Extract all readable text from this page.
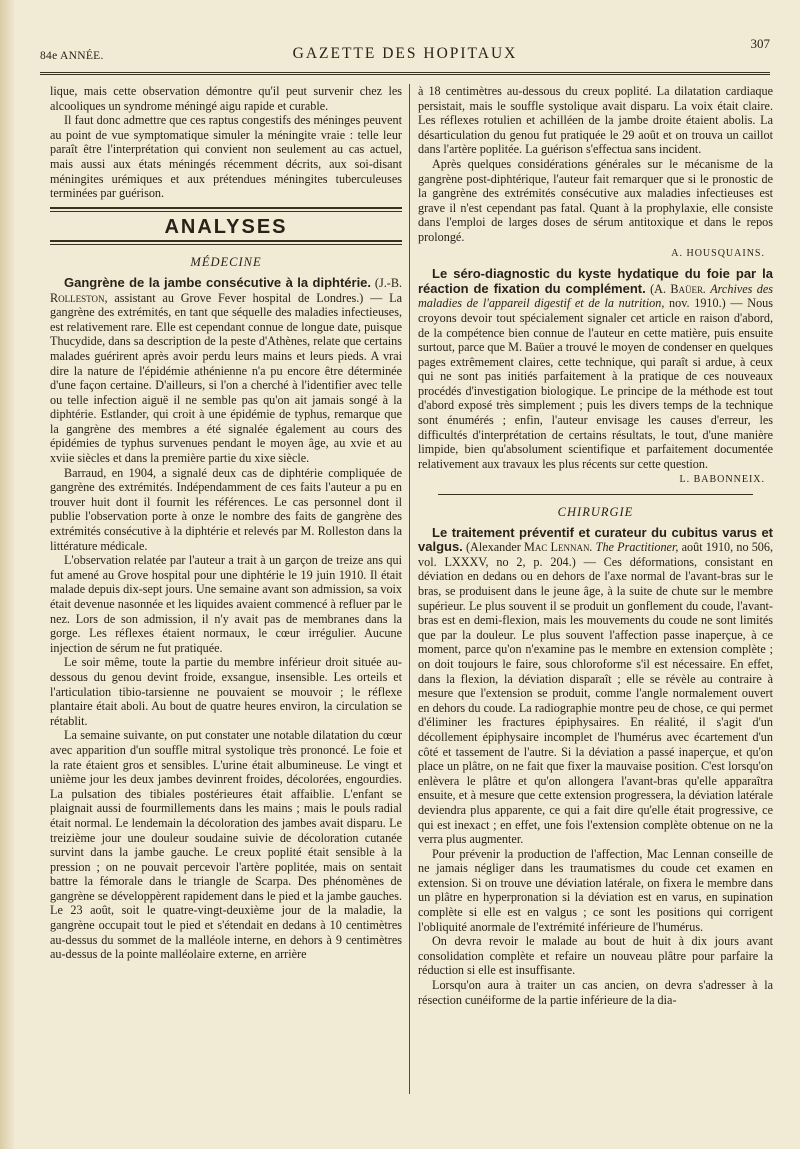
84e ANNÉE.	GAZETTE DES HOPITAUX
307

lique, mais cette observation démontre qu'il peut survenir chez les alcooliques un syndrome méningé aigu rapide et curable.

Il faut donc admettre que ces raptus congestifs des méninges peuvent au point de vue symptomatique simuler la méningite vraie : telle leur paraît être l'interprétation qui convient non seulement au cas actuel, mais aussi aux états méningés récemment décrits, aux soi-disant méningites urémiques et aux prétendues méningites tuberculeuses terminées par guérison.

ANALYSES
MÉDECINE

Gangrène de la jambe consécutive à la diphtérie. (J.-B. Rolleston, assistant au Grove Fever hospital de Londres.) — La gangrène des extrémités, en tant que séquelle des maladies infectieuses, est relativement rare. Elle est cependant connue de longue date, puisque Thucydide, dans sa description de la peste d'Athènes, relate que certains malades guérirent après avoir perdu leurs mains et leurs pieds. A vrai dire la nature de l'épidémie athénienne n'a pu encore être déterminée d'une façon certaine. D'ailleurs, si l'on a cherché à l'identifier avec telle ou telle infection aiguë il ne semble pas qu'on ait jamais songé à la diphtérie. Estlander, qui croit à une épidémie de typhus, remarque que la gangrène des membres a été signalée également au cours des épidémies de typhus survenues pendant le moyen âge, au xvie et au xviie siècles et dans la première partie du xixe siècle.

Barraud, en 1904, a signalé deux cas de diphtérie compliquée de gangrène des extrémités. Indépendamment de ces faits l'auteur a pu en trouver huit dont il fournit les références. Le cas personnel dont il publie l'observation porte à onze le nombre des faits de gangrène des extrémités consécutive à la diphtérie et relevés par M. Rolleston dans la littérature médicale.

L'observation relatée par l'auteur a trait à un garçon de treize ans qui fut amené au Grove hospital pour une diphtérie le 19 juin 1910. Il était malade depuis dix-sept jours. Une semaine avant son admission, sa voix était devenue nasonnée et les liquides avaient commencé à refluer par le nez. Lors de son admission, il n'y avait pas de membranes dans la gorge. Les réflexes étaient normaux, le cœur irrégulier. Aucune injection de sérum ne fut pratiquée.

Le soir même, toute la partie du membre inférieur droit située au-dessous du genou devint froide, exsangue, insensible. Les orteils et l'articulation tibio-tarsienne ne pouvaient se mouvoir ; le réflexe plantaire était aboli. Au bout de quatre heures environ, la circulation se rétablit.

La semaine suivante, on put constater une notable dilatation du cœur avec apparition d'un souffle mitral systolique très prononcé. Le foie et la rate étaient gros et sensibles. L'urine était albumineuse. Le vingt et unième jour les deux jambes devinrent froides, décolorées, engourdies. La pulsation des tibiales postérieures était affaiblie. L'enfant se plaignait aussi de fourmillements dans les mains ; mais le pouls radial était normal. Le lendemain la décoloration des jambes avait disparu. Le treizième jour une douleur soudaine suivie de décoloration cutanée survint dans la jambe gauche. Le creux poplité était sensible à la pression ; on ne pouvait percevoir l'artère poplitée, mais on sentait battre la fémorale dans le triangle de Scarpa. Des phénomènes de gangrène se développèrent rapidement dans le pied et la jambe gauches. Le 23 août, soit le quatre-vingt-deuxième jour de la maladie, la gangrène occupait tout le pied et s'étendait en dedans à 10 centimètres au-dessus du sommet de la malléole interne, en dehors à 9 centimètres au-dessus de la pointe malléolaire externe, en arrière

à 18 centimètres au-dessous du creux poplité. La dilatation cardiaque persistait, mais le souffle systolique avait disparu. La voix était claire. Les réflexes rotulien et achilléen de la jambe droite étaient abolis. La désarticulation du genou fut pratiquée le 29 août et on trouva un caillot dans l'artère poplitée. La guérison s'effectua sans incident.

Après quelques considérations générales sur le mécanisme de la gangrène post-diphtérique, l'auteur fait remarquer que si le pronostic de la gangrène des extrémités consécutive aux maladies infectieuses est grave il n'est cependant pas fatal. Quant à la prophylaxie, elle consiste dans l'emploi de larges doses de sérum antitoxique et dans le repos prolongé.

A. HOUSQUAINS.

Le séro-diagnostic du kyste hydatique du foie par la réaction de fixation du complément. (A. Baüer. Archives des maladies de l'appareil digestif et de la nutrition, nov. 1910.) — Nous croyons devoir tout spécialement signaler cet article en raison d'abord, de la compétence bien connue de l'auteur en cette matière, puis ensuite surtout, parce que M. Baüer a trouvé le moyen de condenser en quelques pages extrêmement claires, cette technique, qui paraît si ardue, à ceux qui ne sont pas initiés parfaitement à la pratique de ces nouveaux procédés d'investigation biologique. Le principe de la méthode est tout d'abord exposé très simplement ; puis les divers temps de la technique sont énumérés ; enfin, l'auteur envisage les causes d'erreur, les difficultés d'interprétation de certains résultats, le tout, d'une manière limpide, bien qu'absolument scientifique et parfaitement documentée relativement aux travaux les plus récents sur cette question.

L. BABONNEIX.
CHIRURGIE

Le traitement préventif et curateur du cubitus varus et valgus. (Alexander Mac Lennan. The Practitioner, août 1910, no 506, vol. LXXXV, no 2, p. 204.) — Ces déformations, consistant en déviation en dedans ou en dehors de l'axe normal de l'avant-bras sur le bras, se produisent dans le jeune âge, à la suite de chute sur le membre supérieur. Le plus souvent il se produit un gonflement du coude, l'avant-bras est en demi-flexion, mais les mouvements du coude ne sont limités que par la douleur. Le plus souvent l'affection passe inaperçue, à ce moment, parce qu'on n'examine pas le membre en extension complète ; on doit toujours le faire, sous chloroforme s'il est nécessaire. En effet, dans la flexion, la déviation disparaît ; elle se révèle au contraire à mesure que l'extension se produit, comme l'angle normalement ouvert en dehors du coude. La radiographie montre peu de chose, ce qui permet d'éliminer les fractures épiphysaires. En réalité, il s'agit d'un décollement épiphysaire incomplet de l'humérus avec écartement d'un côté et tassement de l'autre. Si la déviation a passé inaperçue, et qu'on place un plâtre, on ne fait que fixer la mauvaise position. C'est lorsqu'on enlèvera le plâtre et qu'on allongera l'avant-bras qu'elle apparaîtra ensuite, et à mesure que cette extension progressera, la déviation latérale deviendra plus apparente, ce qui a fait dire qu'elle était progressive, ce qui est inexact ; en effet, une fois l'extension complète obtenue on ne la verra plus augmenter.

Pour prévenir la production de l'affection, Mac Lennan conseille de ne jamais négliger dans les traumatismes du coude cet examen en extension. Si on trouve une déviation latérale, on fixera le membre dans un plâtre en hyperpronation si la déviation est en varus, en supination complète si elle est en valgus ; ce sont les positions qui corrigent l'obliquité anormale de l'extrémité inférieure de l'humérus.

On devra revoir le malade au bout de huit à dix jours avant consolidation complète et refaire un nouveau plâtre pour parfaire la réduction si elle est insuffisante.

Lorsqu'on aura à traiter un cas ancien, on devra s'adresser à la résection cunéiforme de la partie inférieure de la dia-
